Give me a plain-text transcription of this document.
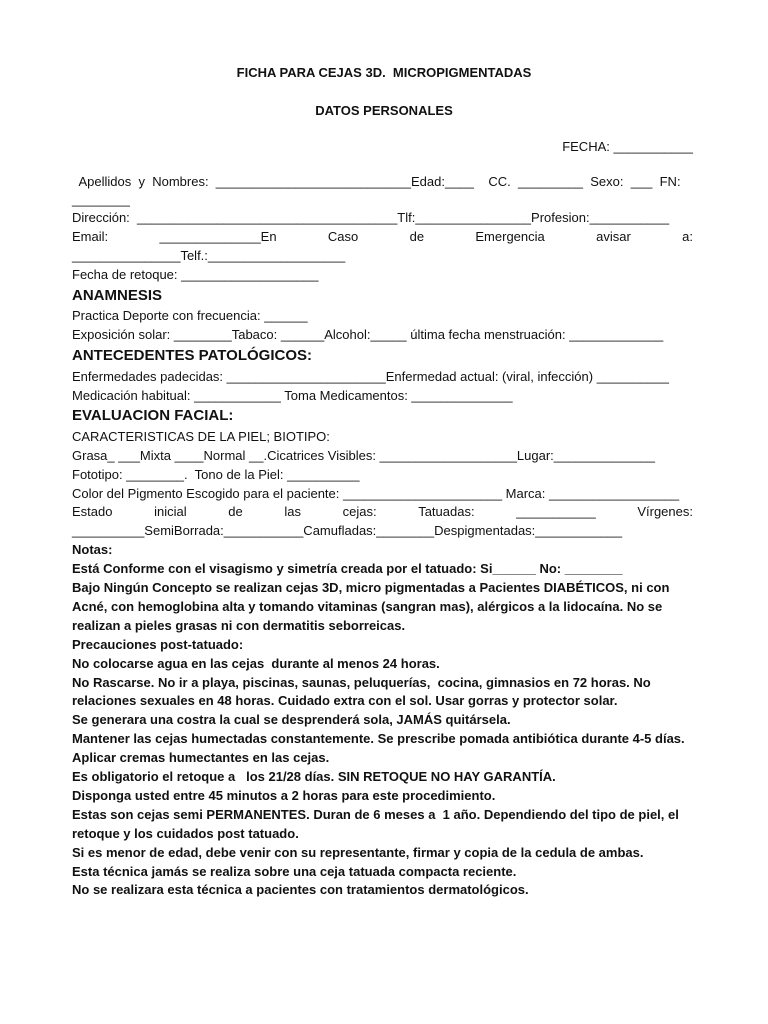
FICHA PARA CEJAS 3D.  MICROPIGMENTADAS
DATOS PERSONALES
FECHA: ___________
Apellidos  y  Nombres:  ___________________________Edad:____    CC.  _________  Sexo:  ___  FN:
________
Dirección:  ____________________________________Tlf:________________Profesion:___________
Email:	______________En	Caso	de	Emergencia	avisar	a:
_______________Telf.:___________________
Fecha de retoque: ___________________
ANAMNESIS
Practica Deporte con frecuencia: ______
Exposición solar: ________Tabaco: ______Alcohol:_____ última fecha menstruación: _____________
ANTECEDENTES PATOLÓGICOS:
Enfermedades padecidas: ______________________Enfermedad actual: (viral, infección) __________
Medicación habitual: ____________ Toma Medicamentos: ______________
EVALUACION FACIAL:
CARACTERISTICAS DE LA PIEL; BIOTIPO:
Grasa_ ___Mixta ____Normal __.Cicatrices Visibles: ___________________Lugar:______________
Fototipo: ________.  Tono de la Piel: __________
Color del Pigmento Escogido para el paciente: ______________________ Marca: __________________
Estado	inicial	de	las	cejas:	Tatuadas:	___________	Vírgenes:
__________SemiBorrada:___________Camufladas:________Despigmentadas:____________
Notas:
Está Conforme con el visagismo y simetría creada por el tatuado: Si______ No: ________
Bajo Ningún Concepto se realizan cejas 3D, micro pigmentadas a Pacientes DIABÉTICOS, ni con
Acné, con hemoglobina alta y tomando vitaminas (sangran mas), alérgicos a la lidocaína. No se
realizan a pieles grasas ni con dermatitis seborreicas.
Precauciones post-tatuado:
No colocarse agua en las cejas  durante al menos 24 horas.
No Rascarse. No ir a playa, piscinas, saunas, peluquerías,  cocina, gimnasios en 72 horas. No
relaciones sexuales en 48 horas. Cuidado extra con el sol. Usar gorras y protector solar.
Se generara una costra la cual se desprenderá sola, JAMÁS quitársela.
Mantener las cejas humectadas constantemente. Se prescribe pomada antibiótica durante 4-5 días.
Aplicar cremas humectantes en las cejas.
Es obligatorio el retoque a   los 21/28 días. SIN RETOQUE NO HAY GARANTÍA.
Disponga usted entre 45 minutos a 2 horas para este procedimiento.
Estas son cejas semi PERMANENTES. Duran de 6 meses a  1 año. Dependiendo del tipo de piel, el
retoque y los cuidados post tatuado.
Si es menor de edad, debe venir con su representante, firmar y copia de la cedula de ambas.
Esta técnica jamás se realiza sobre una ceja tatuada compacta reciente.
No se realizara esta técnica a pacientes con tratamientos dermatológicos.
